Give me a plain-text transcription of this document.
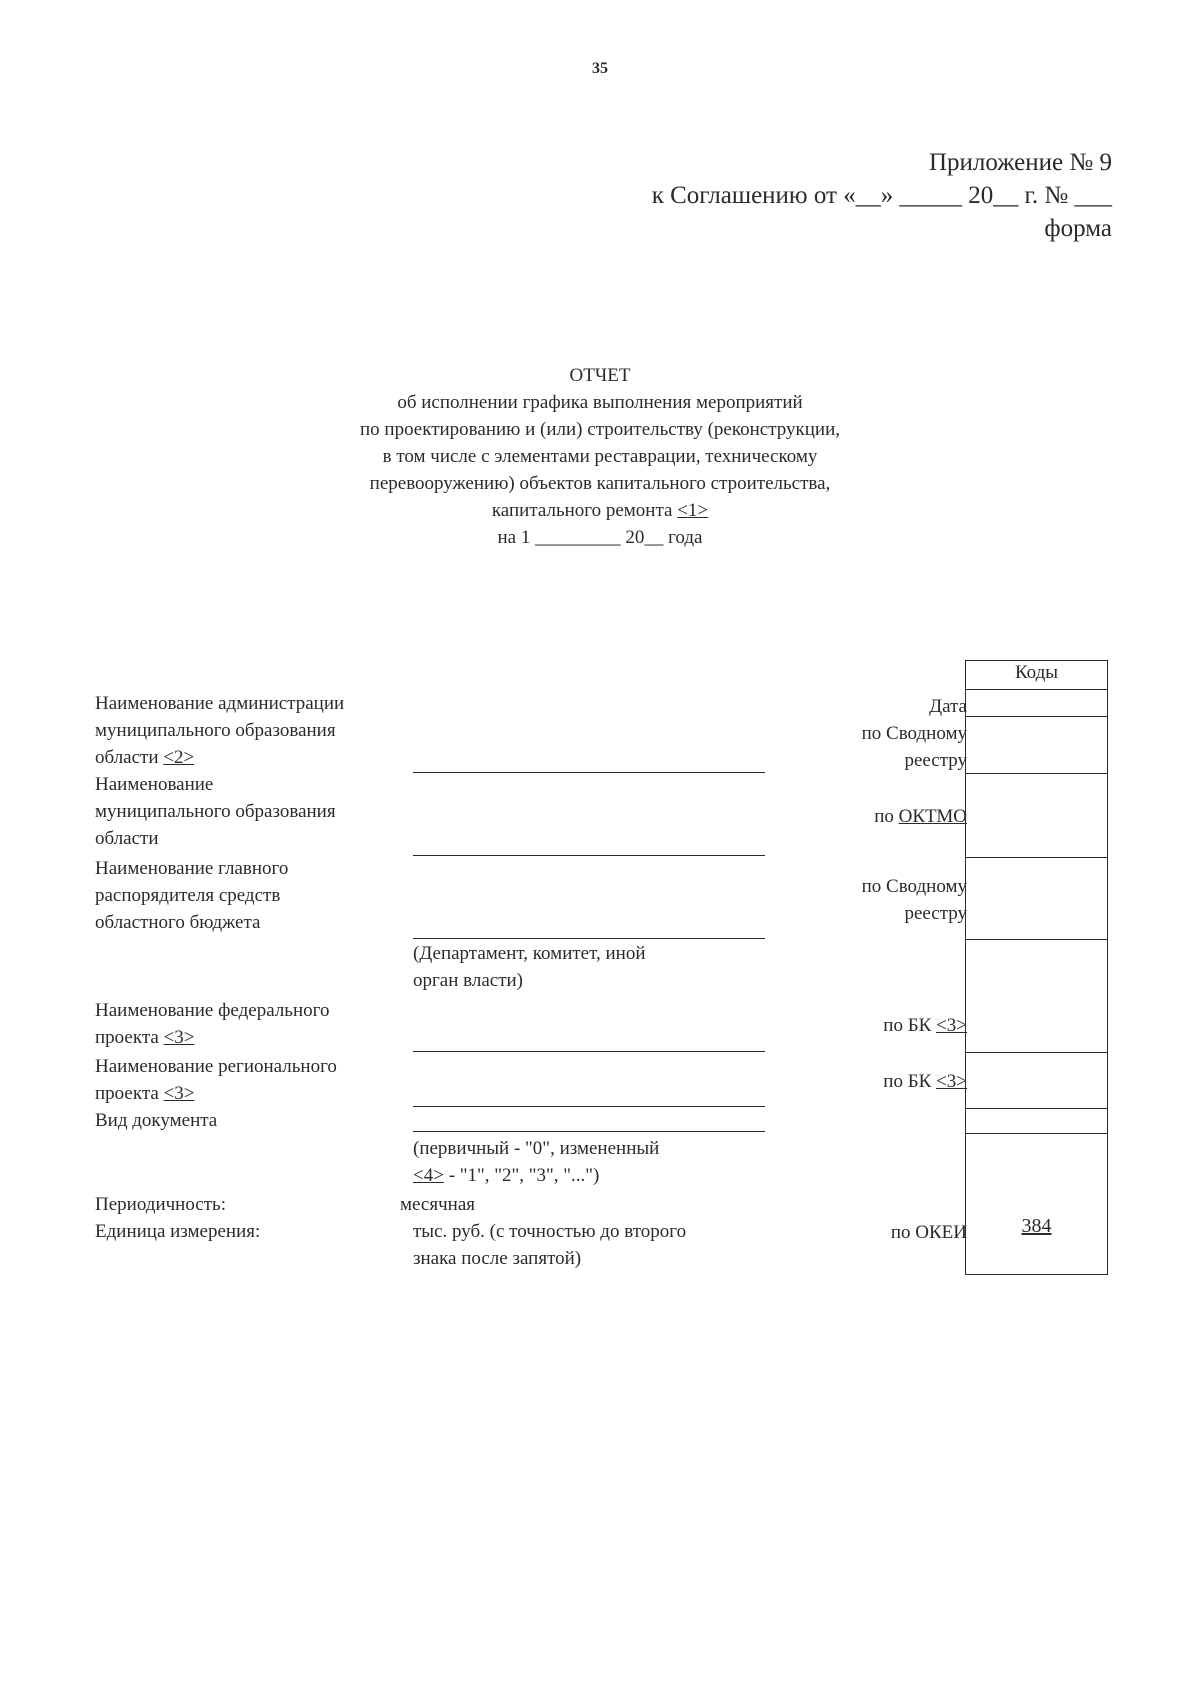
35
Приложение № 9
к Соглашению от «__» _____ 20__ г. № ___
форма
ОТЧЕТ
об исполнении графика выполнения мероприятий
по проектированию и (или) строительству (реконструкции,
в том числе с элементами реставрации, техническому
перевооружению) объектов капитального строительства,
капитального ремонта <1>
на 1 _________ 20__ года
Коды
384
Дата
по Сводному
реестру
по ОКТМО
по Сводному
реестру
по БК <3>
по БК <3>
по ОКЕИ
Наименование администрации
муниципального образования
области <2>
Наименование
муниципального образования
области
Наименование главного
распорядителя средств
областного бюджета
(Департамент, комитет, иной
орган власти)
Наименование федерального
проекта <3>
Наименование регионального
проекта <3>
Вид документа
(первичный - "0", измененный
<4> - "1", "2", "3", "...")
Периодичность:	месячная
Единица измерения:	тыс. руб. (с точностью до второго
знака после запятой)
